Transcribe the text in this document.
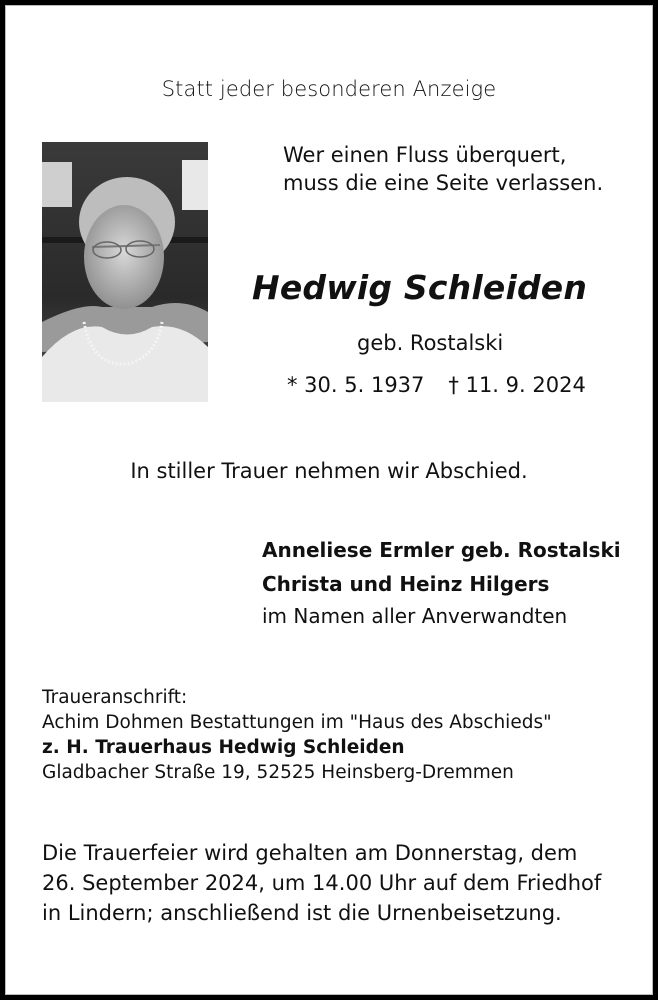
Statt jeder besonderen Anzeige
Wer einen Fluss überquert,
muss die eine Seite verlassen.
Hedwig Schleiden
geb. Rostalski
* 30. 5. 1937 † 11. 9. 2024
In stiller Trauer nehmen wir Abschied.
Anneliese Ermler geb. Rostalski
Christa und Heinz Hilgers
im Namen aller Anverwandten
Traueranschrift:
Achim Dohmen Bestattungen im "Haus des Abschieds"
z. H. Trauerhaus Hedwig Schleiden
Gladbacher Straße 19, 52525 Heinsberg-Dremmen
Die Trauerfeier wird gehalten am Donnerstag, dem
26. September 2024, um 14.00 Uhr auf dem Friedhof
in Lindern; anschließend ist die Urnenbeisetzung.
